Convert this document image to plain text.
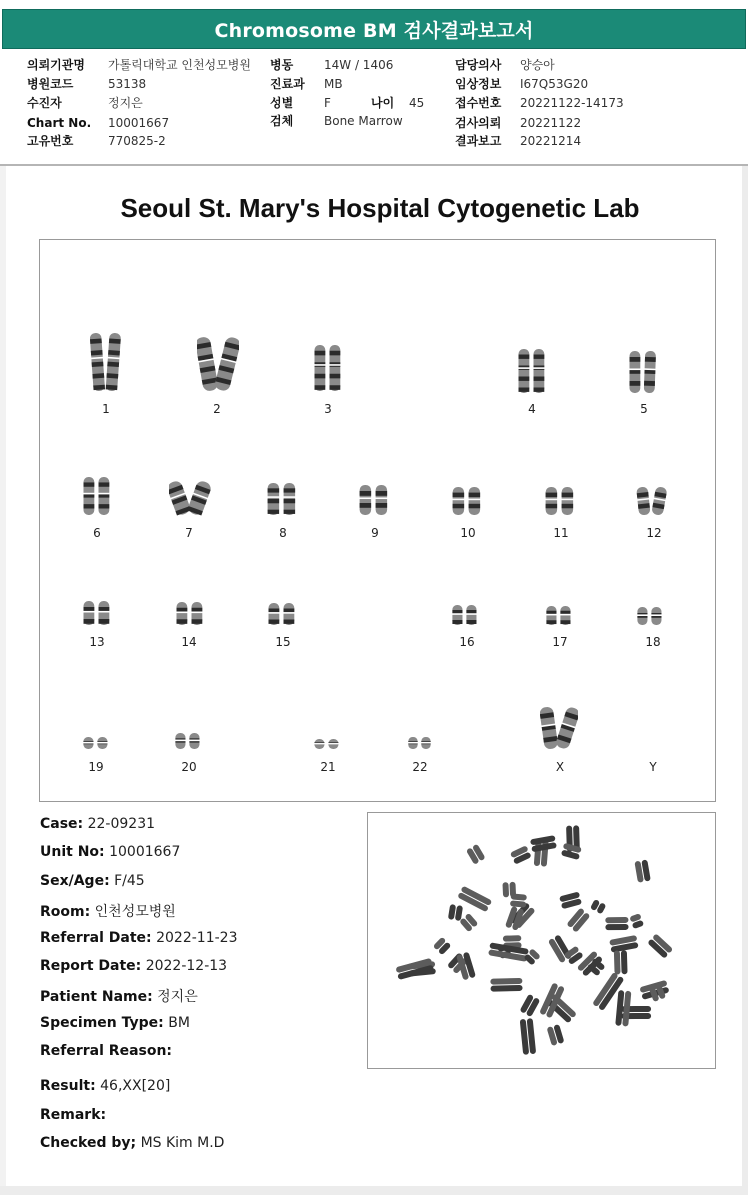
Chromosome BM 검사결과보고서
의뢰기관명 가톨릭대학교 인천성모병원
병원코드	53138
수진자	정지은
Chart No. 10001667
고유번호	770825-2
병동	14W / 1406
진료과 MB
성별	F	나이 45
검체	Bone Marrow
담당의사 양승아
임상정보 I67Q53G20
접수번호 20221122-14173
검사의뢰 20221122
결과보고 20221214
Seoul St. Mary's Hospital Cytogenetic Lab
1	2	3	4	5
6	7	8	9	10	11	12
13	14	15	16	17	18
19	20	21	22	X	Y
Case: 22-09231
Unit No: 10001667
Sex/Age: F/45
Room: 인천성모병원
Referral Date: 2022-11-23
Report Date: 2022-12-13
Patient Name: 정지은
Specimen Type: BM
Referral Reason:
Result: 46,XX[20]
Remark:
Checked by; MS Kim M.D
